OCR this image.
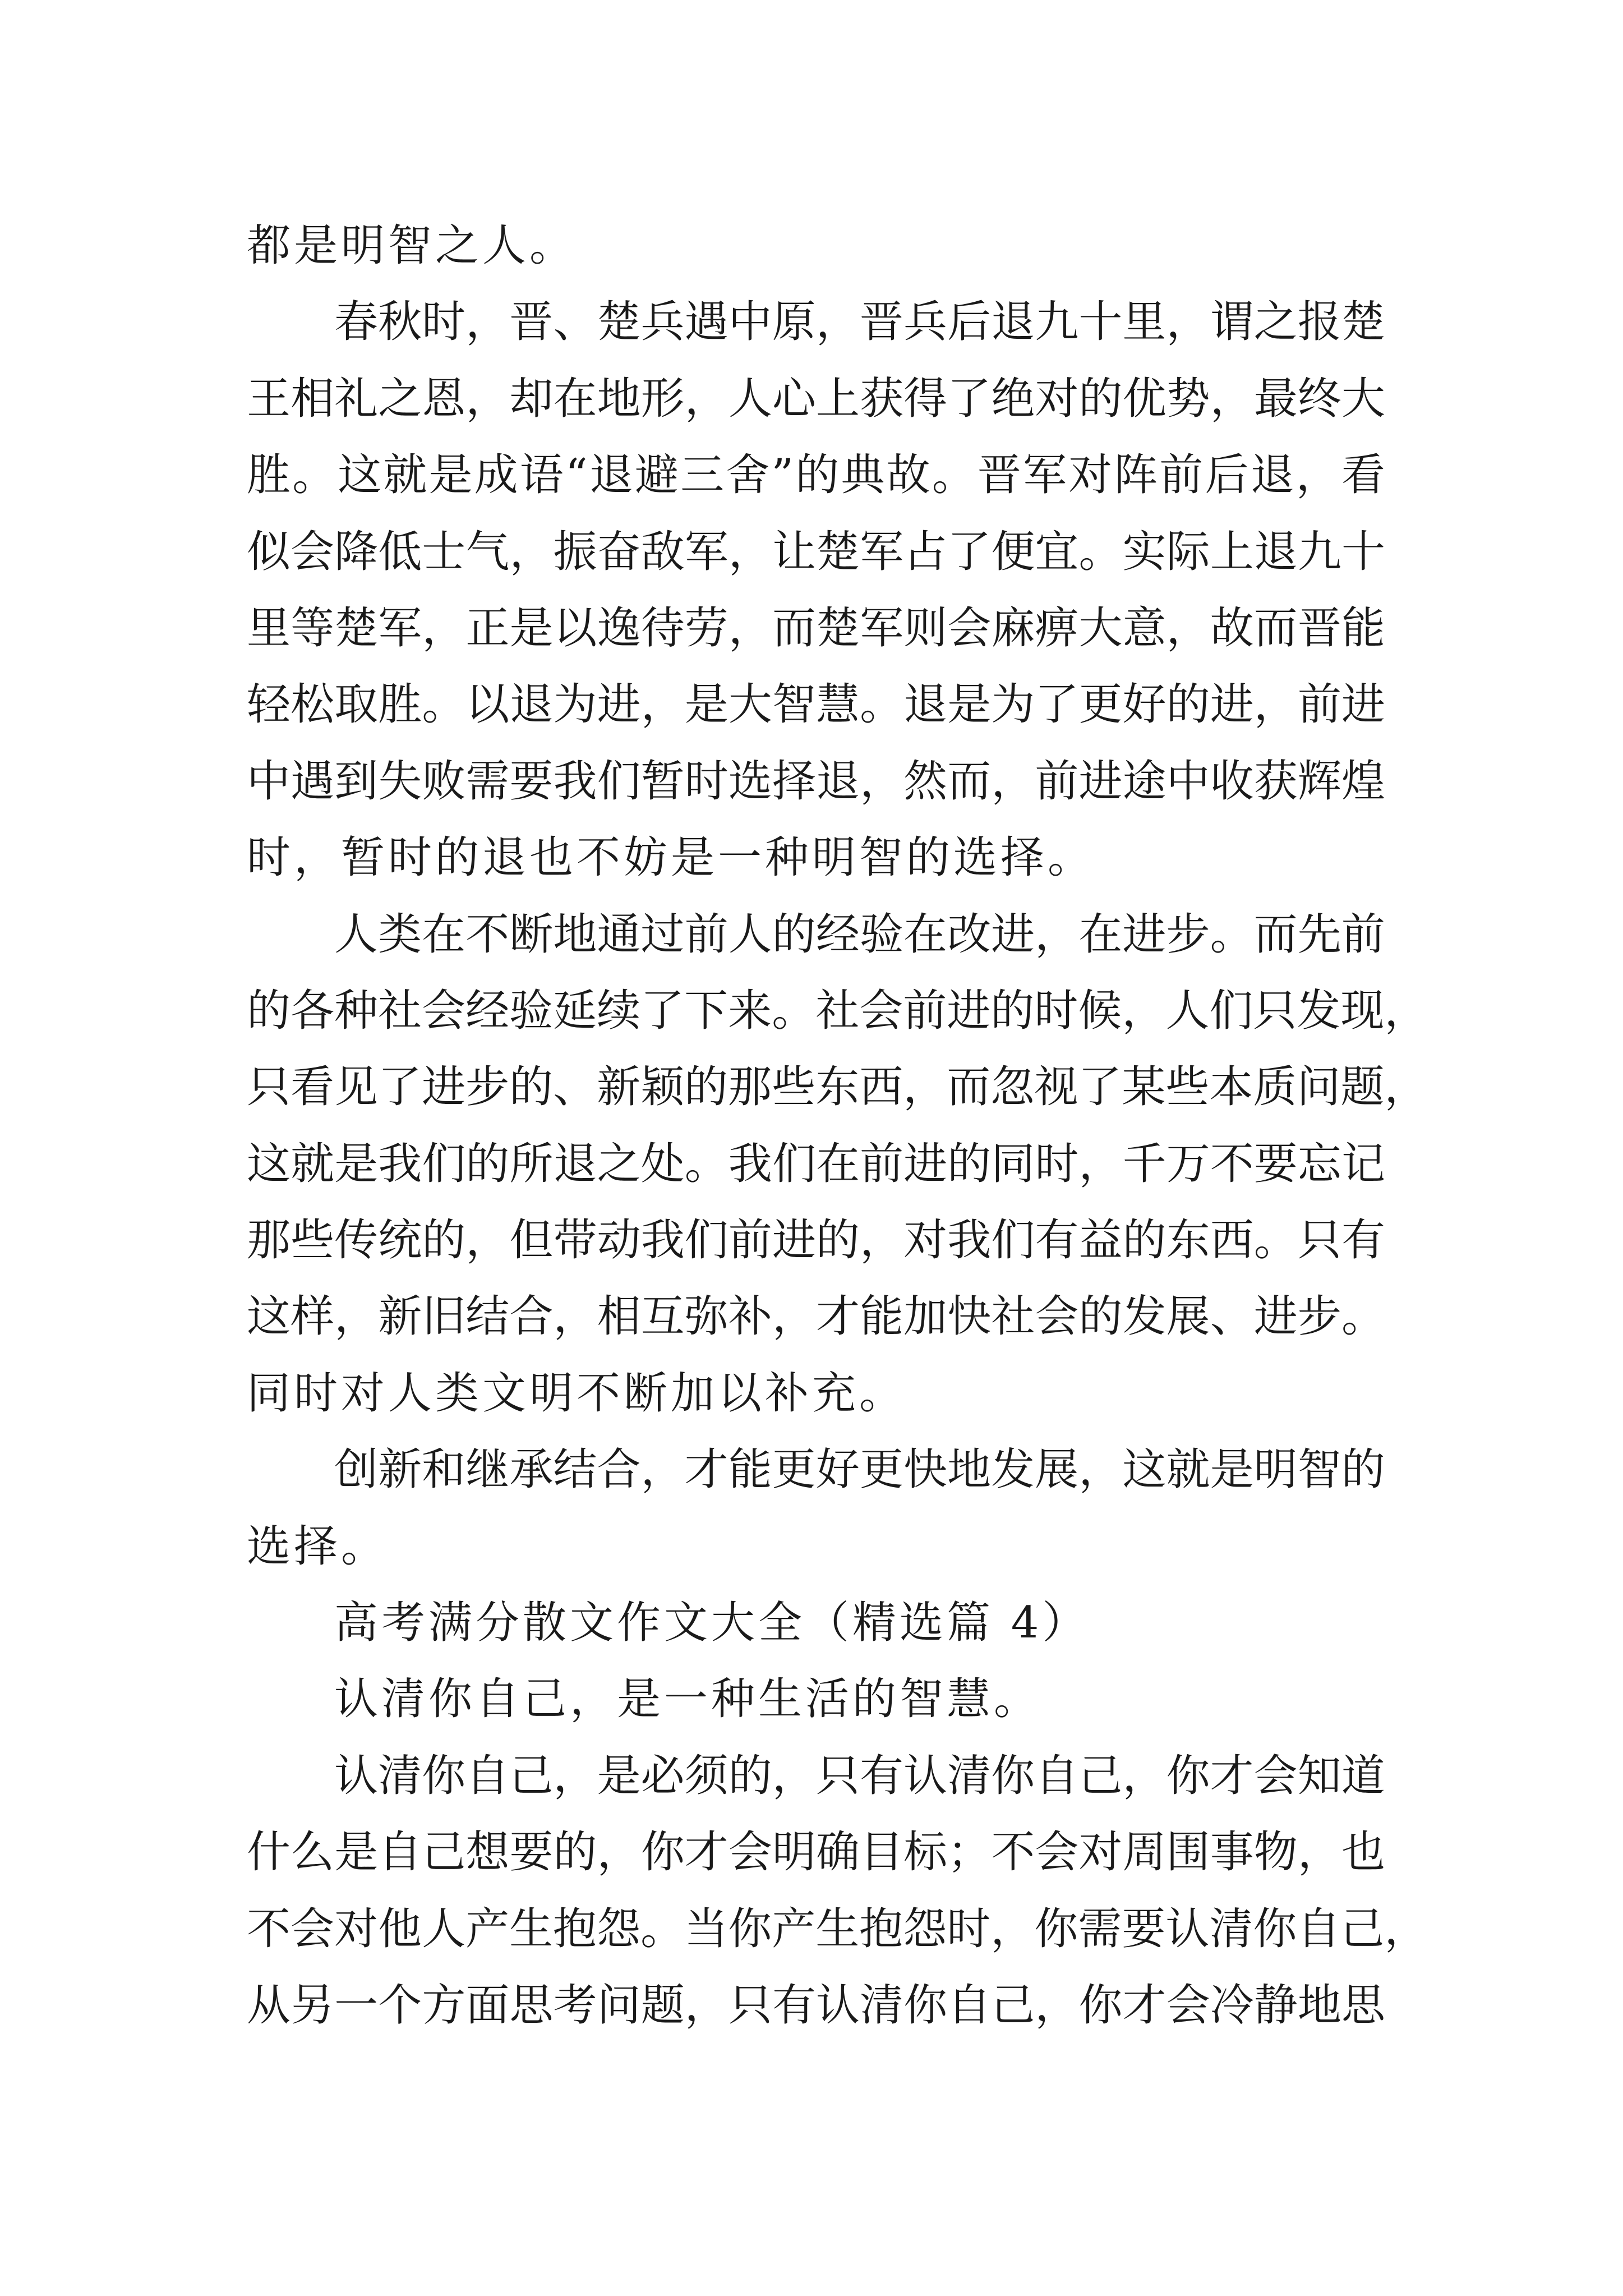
都是明智之人。
春 秋 时 ， 晋 、 楚 兵 遇 中 原 ， 晋 兵 后 退 九 十 里 ， 谓 之 报 楚
王 相 礼 之 恩 ， 却 在 地 形 ， 人 心 上 获 得 了 绝 对 的 优 势 ， 最 终 大
胜 。 这 就 是 成 语 “ 退 避 三 舍 ” 的 典 故 。 晋 军 对 阵 前 后 退 ， 看
似 会 降 低 士 气 ， 振 奋 敌 军 ， 让 楚 军 占 了 便 宜 。 实 际 上 退 九 十
里 等 楚 军 ， 正 是 以 逸 待 劳 ， 而 楚 军 则 会 麻 痹 大 意 ， 故 而 晋 能
轻 松 取 胜 。 以 退 为 进 ， 是 大 智 慧 。 退 是 为 了 更 好 的 进 ， 前 进
中 遇 到 失 败 需 要 我 们 暂 时 选 择 退 ， 然 而 ， 前 进 途 中 收 获 辉 煌
时，暂时的退也不妨是一种明智的选择。
人 类 在 不 断 地 通 过 前 人 的 经 验 在 改 进 ， 在 进 步 。 而 先 前
的 各 种 社 会 经 验 延 续 了 下 来 。 社 会 前 进 的 时 候 ， 人 们 只 发 现 ，
只 看 见 了 进 步 的 、 新 颖 的 那 些 东 西 ， 而 忽 视 了 某 些 本 质 问 题 ，
这 就 是 我 们 的 所 退 之 处 。 我 们 在 前 进 的 同 时 ， 千 万 不 要 忘 记
那 些 传 统 的 ， 但 带 动 我 们 前 进 的 ， 对 我 们 有 益 的 东 西 。 只 有
这 样 ， 新 旧 结 合 ， 相 互 弥 补 ， 才 能 加 快 社 会 的 发 展 、 进 步 。
同时对人类文明不断加以补充。
创 新 和 继 承 结 合 ， 才 能 更 好 更 快 地 发 展 ， 这 就 是 明 智 的
选择。
高考满分散文作文大全（精选篇 4）
认清你自己，是一种生活的智慧。
认 清 你 自 己 ， 是 必 须 的 ， 只 有 认 清 你 自 己 ， 你 才 会 知 道
什 么 是 自 己 想 要 的 ， 你 才 会 明 确 目 标 ； 不 会 对 周 围 事 物 ， 也
不 会 对 他 人 产 生 抱 怨 。 当 你 产 生 抱 怨 时 ， 你 需 要 认 清 你 自 己 ，
从 另 一 个 方 面 思 考 问 题 ， 只 有 认 清 你 自 己 ， 你 才 会 冷 静 地 思
